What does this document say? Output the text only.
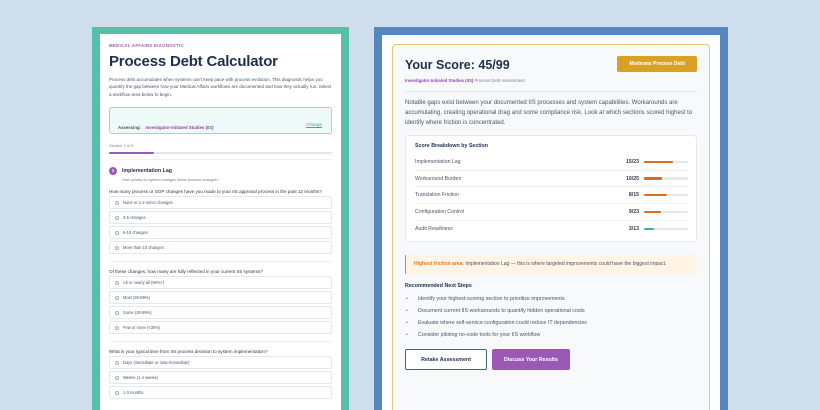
MEDICAL AFFAIRS DIAGNOSTIC
Process Debt Calculator
Process debt accumulates when systems can't keep pace with process evolution. This diagnostic helps you quantify the gap between how your Medical Affairs workflows are documented and how they actually run. Select a workflow area below to begin.
Assessing: Investigator-Initiated Studies (IIS)
Change
Section 1 of 5
1	Implementation Lag
How quickly do system changes follow process changes?
How many process or SOP changes have you made to your IIS approval process in the past 12 months?
None or 1-2 minor changes
3-5 changes
6-10 changes
More than 10 changes
Of these changes, how many are fully reflected in your current IIS systems?
All or nearly all (90%+)
Most (60-89%)
Some (30-59%)
Few or none (<30%)
What is your typical time from IIS process decision to system implementation?
Days (immediate or near-immediate)
Weeks (1-4 weeks)
1-3 months
Your Score: 45/99	Moderate Process Debt
Investigator-Initiated Studies (IIS) Process Debt Assessment
Notable gaps exist between your documented IIS processes and system capabilities. Workarounds are accumulating, creating operational drag and some compliance risk. Look at which sections scored highest to identify where friction is concentrated.
Score Breakdown by Section
Implementation Lag	15/23
Workaround Burden	10/25
Translation Friction	8/15
Configuration Control	9/23
Audit Readiness	3/13
Highest friction area: Implementation Lag — this is where targeted improvements could have the biggest impact.
Recommended Next Steps
•	Identify your highest-scoring section to prioritize improvements
•	Document current IIS workarounds to quantify hidden operational costs
•	Evaluate where self-service configuration could reduce IT dependencies
•	Consider piloting no-code tools for your IIS workflow
Retake Assessment	Discuss Your Results
